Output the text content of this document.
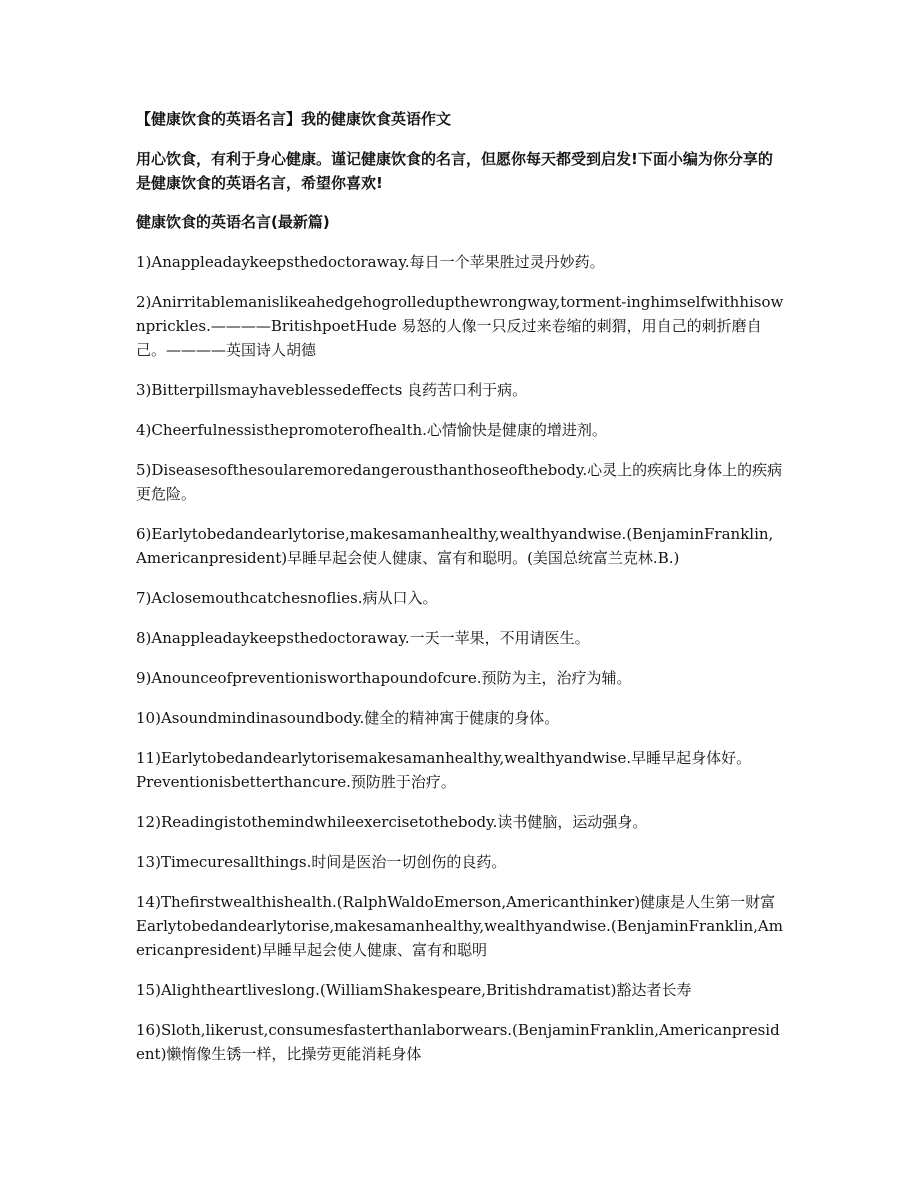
【健康饮食的英语名言】我的健康饮食英语作文
用心饮食，有利于身心健康。谨记健康饮食的名言，但愿你每天都受到启发!下面小编为你分享的是健康饮食的英语名言，希望你喜欢!
健康饮食的英语名言(最新篇)

1)Anappleadaykeepsthedoctoraway.每日一个苹果胜过灵丹妙药。

2)Anirritablemanislikeahedgehogrolledupthewrongway,torment-inghimselfwithhisownprickles.————BritishpoetHude 易怒的人像一只反过来卷缩的刺猬，用自己的刺折磨自己。————英国诗人胡德

3)Bitterpillsmayhaveblessedeffects 良药苦口利于病。

4)Cheerfulnessisthepromoterofhealth.心情愉快是健康的增进剂。

5)Diseasesofthesoularemoredangerousthanthoseofthebody.心灵上的疾病比身体上的疾病更危险。

6)Earlytobedandearlytorise,makesamanhealthy,wealthyandwise.(BenjaminFranklin,Americanpresident)早睡早起会使人健康、富有和聪明。(美国总统富兰克林.B.)

7)Aclosemouthcatchesnoflies.病从口入。

8)Anappleadaykeepsthedoctoraway.一天一苹果，不用请医生。

9)Anounceofpreventionisworthapoundofcure.预防为主，治疗为辅。

10)Asoundmindinasoundbody.健全的精神寓于健康的身体。

11)Earlytobedandearlytorisemakesamanhealthy,wealthyandwise.早睡早起身体好。

Preventionisbetterthancure.预防胜于治疗。

12)Readingistothemindwhileexercisetothebody.读书健脑，运动强身。

13)Timecuresallthings.时间是医治一切创伤的良药。

14)Thefirstwealthishealth.(RalphWaldoEmerson,Americanthinker)健康是人生第一财富

Earlytobedandearlytorise,makesamanhealthy,wealthyandwise.(BenjaminFranklin,Americanpresident)早睡早起会使人健康、富有和聪明

15)Alightheartliveslong.(WilliamShakespeare,Britishdramatist)豁达者长寿

16)Sloth,likerust,consumesfasterthanlaborwears.(BenjaminFranklin,Americanpresident)懒惰像生锈一样，比操劳更能消耗身体
